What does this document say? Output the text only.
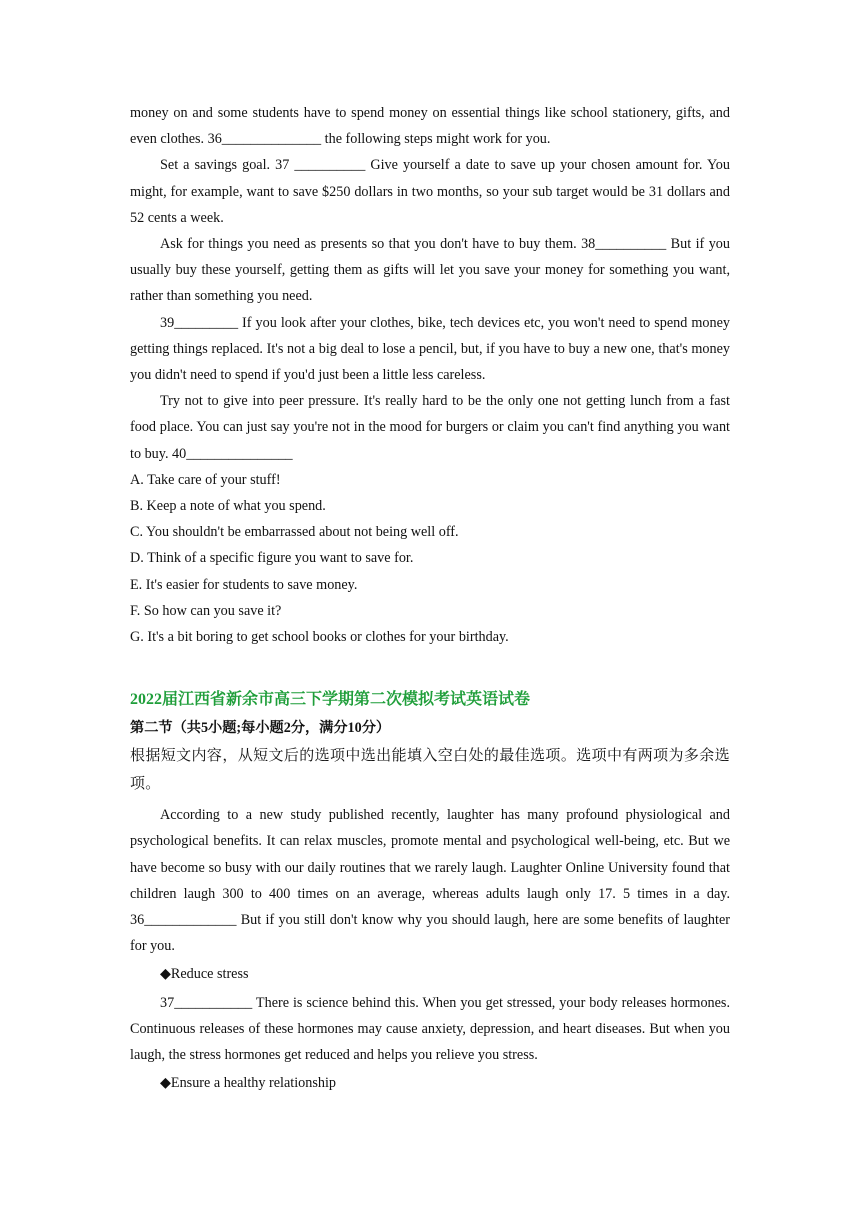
money on and some students have to spend money on essential things like school stationery, gifts, and even clothes. 36______________ the following steps might work for you.

Set a savings goal. 37 __________ Give yourself a date to save up your chosen amount for. You might, for example, want to save $250 dollars in two months, so your sub target would be 31 dollars and 52 cents a week.

Ask for things you need as presents so that you don't have to buy them. 38__________ But if you usually buy these yourself, getting them as gifts will let you save your money for something you want, rather than something you need.

39_________ If you look after your clothes, bike, tech devices etc, you won't need to spend money getting things replaced. It's not a big deal to lose a pencil, but, if you have to buy a new one, that's money you didn't need to spend if you'd just been a little less careless.

Try not to give into peer pressure. It's really hard to be the only one not getting lunch from a fast food place. You can just say you're not in the mood for burgers or claim you can't find anything you want to buy. 40_______________

A. Take care of your stuff!

B. Keep a note of what you spend.

C. You shouldn't be embarrassed about not being well off.

D. Think of a specific figure you want to save for.

E. It's easier for students to save money.

F. So how can you save it?

G. It's a bit boring to get school books or clothes for your birthday.

2022届江西省新余市高三下学期第二次模拟考试英语试卷

第二节（共5小题;每小题2分，满分10分）

根据短文内容，从短文后的选项中选出能填入空白处的最佳选项。选项中有两项为多余选项。

According to a new study published recently, laughter has many profound physiological and psychological benefits. It can relax muscles, promote mental and psychological well-being, etc. But we have become so busy with our daily routines that we rarely laugh. Laughter Online University found that children laugh 300 to 400 times on an average, whereas adults laugh only 17. 5 times in a day. 36_____________ But if you still don't know why you should laugh, here are some benefits of laughter for you.

◆Reduce stress

37___________ There is science behind this. When you get stressed, your body releases hormones. Continuous releases of these hormones may cause anxiety, depression, and heart diseases. But when you laugh, the stress hormones get reduced and helps you relieve you stress.

◆Ensure a healthy relationship
